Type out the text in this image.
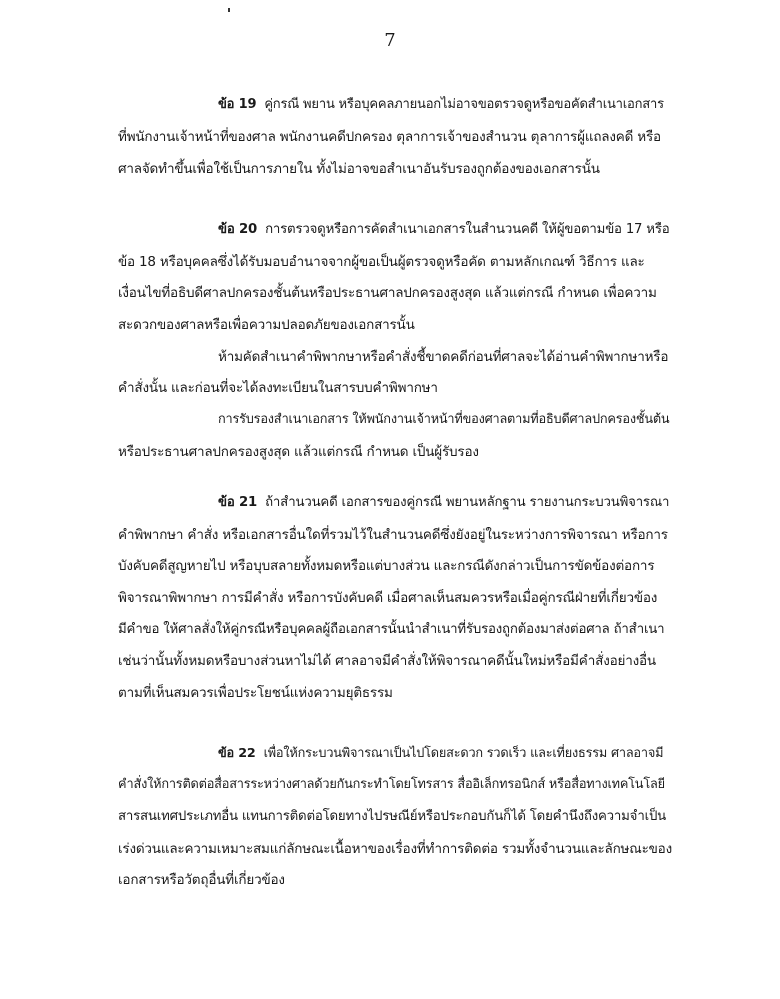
7
ข้อ 19 คู่กรณี พยาน หรือบุคคลภายนอกไม่อาจขอตรวจดูหรือขอคัดสำเนาเอกสาร
ที่พนักงานเจ้าหน้าที่ของศาล พนักงานคดีปกครอง ตุลาการเจ้าของสำนวน ตุลาการผู้แถลงคดี หรือ
ศาลจัดทำขึ้นเพื่อใช้เป็นการภายใน ทั้งไม่อาจขอสำเนาอันรับรองถูกต้องของเอกสารนั้น
ข้อ 20 การตรวจดูหรือการคัดสำเนาเอกสารในสำนวนคดี ให้ผู้ขอตามข้อ 17 หรือ
ข้อ 18 หรือบุคคลซึ่งได้รับมอบอำนาจจากผู้ขอเป็นผู้ตรวจดูหรือคัด ตามหลักเกณฑ์ วิธีการ และ
เงื่อนไขที่อธิบดีศาลปกครองชั้นต้นหรือประธานศาลปกครองสูงสุด แล้วแต่กรณี กำหนด เพื่อความ
สะดวกของศาลหรือเพื่อความปลอดภัยของเอกสารนั้น
ห้ามคัดสำเนาคำพิพากษาหรือคำสั่งชี้ขาดคดีก่อนที่ศาลจะได้อ่านคำพิพากษาหรือ
คำสั่งนั้น และก่อนที่จะได้ลงทะเบียนในสารบบคำพิพากษา
การรับรองสำเนาเอกสาร ให้พนักงานเจ้าหน้าที่ของศาลตามที่อธิบดีศาลปกครองชั้นต้น
หรือประธานศาลปกครองสูงสุด แล้วแต่กรณี กำหนด เป็นผู้รับรอง
ข้อ 21 ถ้าสำนวนคดี เอกสารของคู่กรณี พยานหลักฐาน รายงานกระบวนพิจารณา
คำพิพากษา คำสั่ง หรือเอกสารอื่นใดที่รวมไว้ในสำนวนคดีซึ่งยังอยู่ในระหว่างการพิจารณา หรือการ
บังคับคดีสูญหายไป หรือบุบสลายทั้งหมดหรือแต่บางส่วน และกรณีดังกล่าวเป็นการขัดข้องต่อการ
พิจารณาพิพากษา การมีคำสั่ง หรือการบังคับคดี เมื่อศาลเห็นสมควรหรือเมื่อคู่กรณีฝ่ายที่เกี่ยวข้อง
มีคำขอ ให้ศาลสั่งให้คู่กรณีหรือบุคคลผู้ถือเอกสารนั้นนำสำเนาที่รับรองถูกต้องมาส่งต่อศาล ถ้าสำเนา
เช่นว่านั้นทั้งหมดหรือบางส่วนหาไม่ได้ ศาลอาจมีคำสั่งให้พิจารณาคดีนั้นใหม่หรือมีคำสั่งอย่างอื่น
ตามที่เห็นสมควรเพื่อประโยชน์แห่งความยุติธรรม
ข้อ 22 เพื่อให้กระบวนพิจารณาเป็นไปโดยสะดวก รวดเร็ว และเที่ยงธรรม ศาลอาจมี
คำสั่งให้การติดต่อสื่อสารระหว่างศาลด้วยกันกระทำโดยโทรสาร สื่ออิเล็กทรอนิกส์ หรือสื่อทางเทคโนโลยี
สารสนเทศประเภทอื่น แทนการติดต่อโดยทางไปรษณีย์หรือประกอบกันก็ได้ โดยคำนึงถึงความจำเป็น
เร่งด่วนและความเหมาะสมแก่ลักษณะเนื้อหาของเรื่องที่ทำการติดต่อ รวมทั้งจำนวนและลักษณะของ
เอกสารหรือวัตถุอื่นที่เกี่ยวข้อง
